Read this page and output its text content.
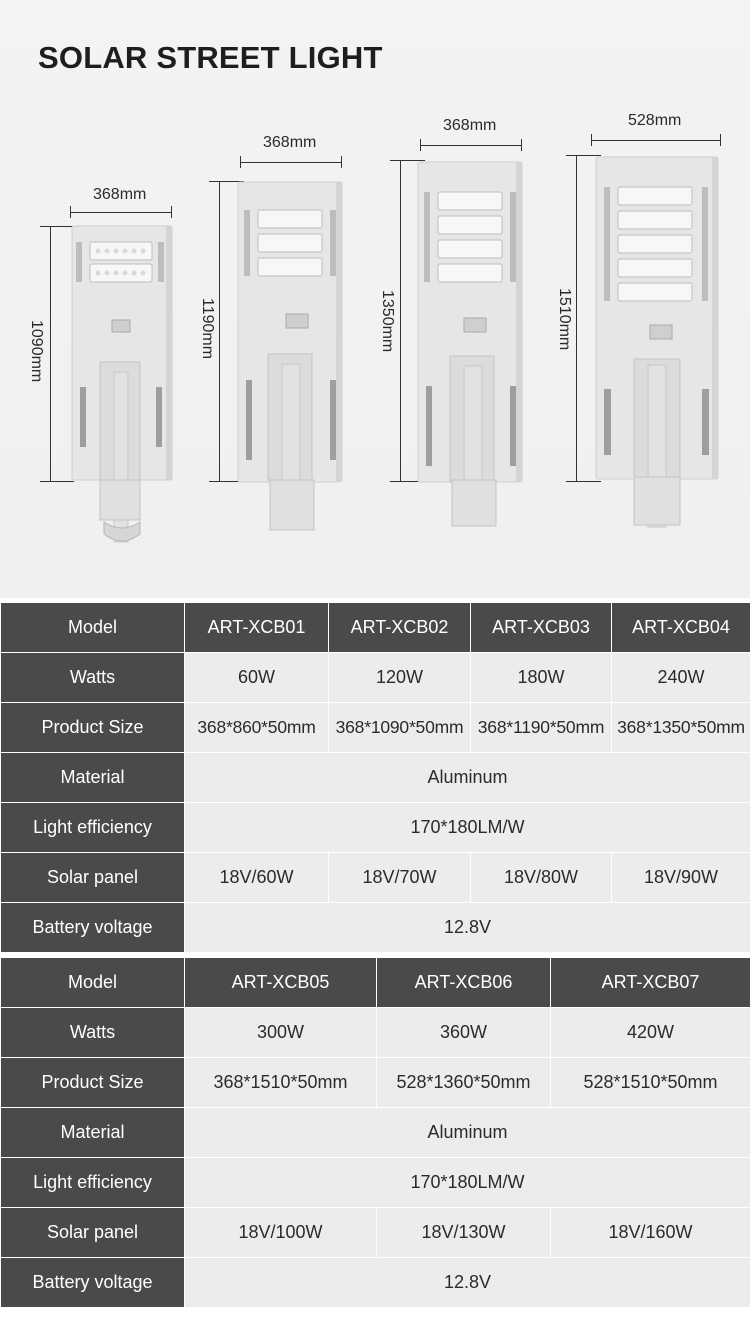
SOLAR STREET LIGHT
368mm
1090mm
368mm
1190mm
368mm
1350mm
528mm
1510mm
Model	ART-XCB01	ART-XCB02	ART-XCB03	ART-XCB04
Watts	60W	120W	180W	240W
Product Size	368*860*50mm	368*1090*50mm	368*1190*50mm	368*1350*50mm
Material	Aluminum			
Light efficiency	170*180LM/W			
Solar panel	18V/60W	18V/70W	18V/80W	18V/90W
Battery voltage	12.8V			
Model	ART-XCB05	ART-XCB06	ART-XCB07
Watts	300W	360W	420W
Product Size	368*1510*50mm	528*1360*50mm	528*1510*50mm
Material	Aluminum		
Light efficiency	170*180LM/W		
Solar panel	18V/100W	18V/130W	18V/160W
Battery voltage	12.8V		
